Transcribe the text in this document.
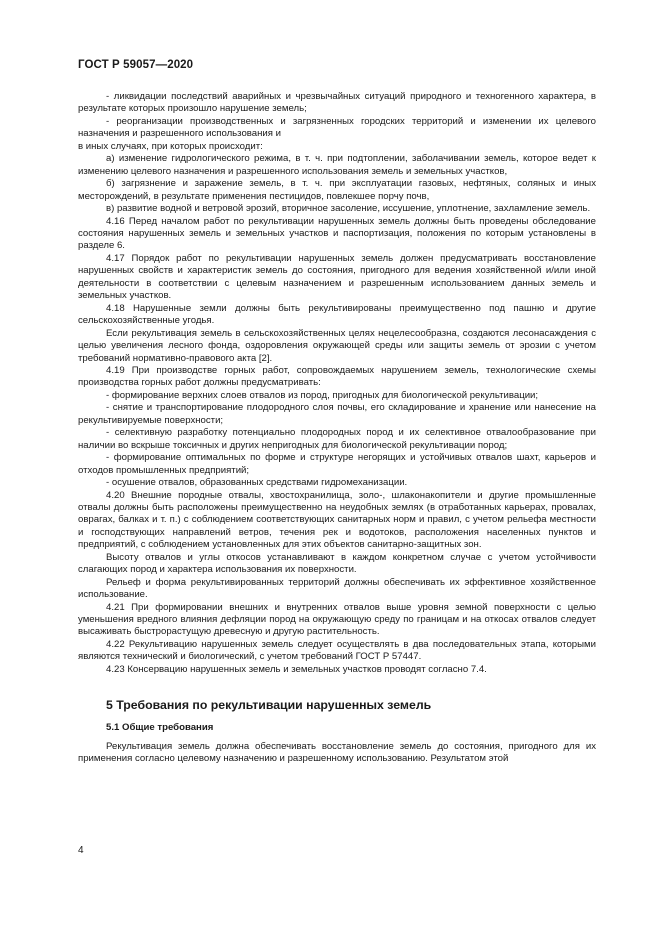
ГОСТ Р 59057—2020

- ликвидации последствий аварийных и чрезвычайных ситуаций природного и техногенного характера, в результате которых произошло нарушение земель;

- реорганизации производственных и загрязненных городских территорий и изменении их целевого назначения и разрешенного использования и

в иных случаях, при которых происходит:

а) изменение гидрологического режима, в т. ч. при подтоплении, заболачивании земель, которое ведет к изменению целевого назначения и разрешенного использования земель и земельных участков,

б) загрязнение и заражение земель, в т. ч. при эксплуатации газовых, нефтяных, соляных и иных месторождений, в результате применения пестицидов, повлекшее порчу почв,

в) развитие водной и ветровой эрозий, вторичное засоление, иссушение, уплотнение, захламление земель.

4.16 Перед началом работ по рекультивации нарушенных земель должны быть проведены обследование состояния нарушенных земель и земельных участков и паспортизация, положения по которым установлены в разделе 6.

4.17 Порядок работ по рекультивации нарушенных земель должен предусматривать восстановление нарушенных свойств и характеристик земель до состояния, пригодного для ведения хозяйственной и/или иной деятельности в соответствии с целевым назначением и разрешенным использованием данных земель и земельных участков.

4.18 Нарушенные земли должны быть рекультивированы преимущественно под пашню и другие сельскохозяйственные угодья.

Если рекультивация земель в сельскохозяйственных целях нецелесообразна, создаются лесонасаждения с целью увеличения лесного фонда, оздоровления окружающей среды или защиты земель от эрозии с учетом требований нормативно-правового акта [2].

4.19 При производстве горных работ, сопровождаемых нарушением земель, технологические схемы производства горных работ должны предусматривать:

- формирование верхних слоев отвалов из пород, пригодных для биологической рекультивации;

- снятие и транспортирование плодородного слоя почвы, его складирование и хранение или нанесение на рекультивируемые поверхности;

- селективную разработку потенциально плодородных пород и их селективное отвалообразование при наличии во вскрыше токсичных и других непригодных для биологической рекультивации пород;

- формирование оптимальных по форме и структуре негорящих и устойчивых отвалов шахт, карьеров и отходов промышленных предприятий;

- осушение отвалов, образованных средствами гидромеханизации.

4.20 Внешние породные отвалы, хвостохранилища, золо-, шлаконакопители и другие промышленные отвалы должны быть расположены преимущественно на неудобных землях (в отработанных карьерах, провалах, оврагах, балках и т. п.) с соблюдением соответствующих санитарных норм и правил, с учетом рельефа местности и господствующих направлений ветров, течения рек и водотоков, расположения населенных пунктов и предприятий, с соблюдением установленных для этих объектов санитарно-защитных зон.

Высоту отвалов и углы откосов устанавливают в каждом конкретном случае с учетом устойчивости слагающих пород и характера использования их поверхности.

Рельеф и форма рекультивированных территорий должны обеспечивать их эффективное хозяйственное использование.

4.21 При формировании внешних и внутренних отвалов выше уровня земной поверхности с целью уменьшения вредного влияния дефляции пород на окружающую среду по границам и на откосах отвалов следует высаживать быстрорастущую древесную и другую растительность.

4.22 Рекультивацию нарушенных земель следует осуществлять в два последовательных этапа, которыми являются технический и биологический, с учетом требований ГОСТ Р 57447.

4.23 Консервацию нарушенных земель и земельных участков проводят согласно 7.4.

5 Требования по рекультивации нарушенных земель
5.1 Общие требования

Рекультивация земель должна обеспечивать восстановление земель до состояния, пригодного для их применения согласно целевому назначению и разрешенному использованию. Результатом этой

4
